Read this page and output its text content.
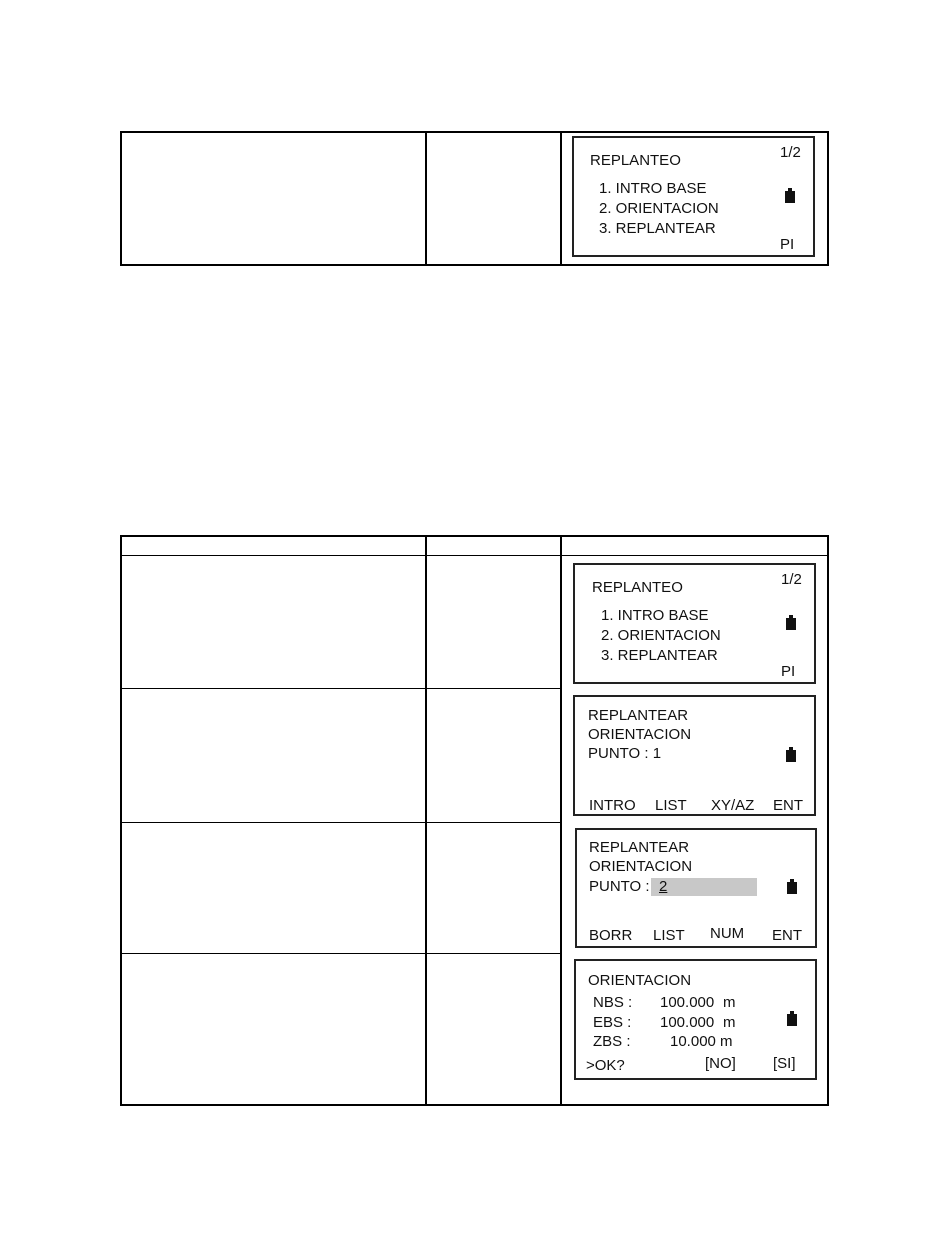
REPLANTEO	1/2
1. INTRO BASE
2. ORIENTACION
3. REPLANTEAR
PI
REPLANTEO	1/2
1. INTRO BASE
2. ORIENTACION
3. REPLANTEAR
PI
REPLANTEAR
ORIENTACION
PUNTO : 1
INTRO LIST XY/AZ ENT
REPLANTEAR
ORIENTACION
PUNTO : 2
BORR LIST NUM ENT
ORIENTACION
NBS : 100.000 m
EBS : 100.000 m
ZBS :	10.000 m
>OK?	[NO] [SI]
